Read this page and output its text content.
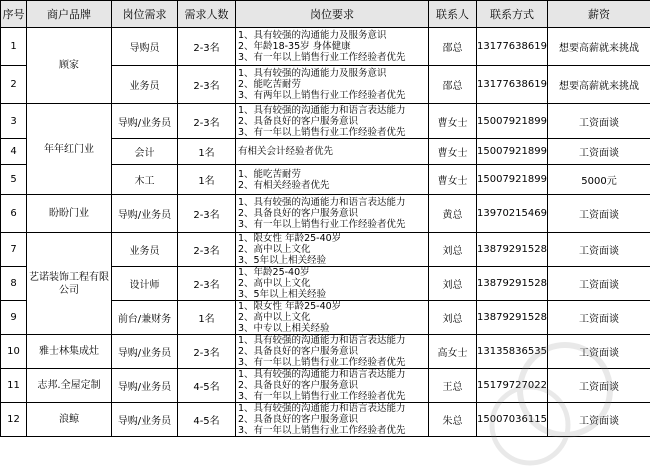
序号	商户品牌	岗位需求	需求人数	岗位要求	联系人	联系方式	薪资
1	顾家	导购员	2-3名	1、具有较强的沟通能力及服务意识
2、年龄18-35岁 身体健康
3、有一年以上销售行业工作经验者优先	邵总	13177638619	想要高薪就来挑战
2		业务员	2-3名	1、具有较强的沟通能力及服务意识
2、能吃苦耐劳
3、有两年以上销售行业工作经验者优先	邵总	13177638619	想要高薪就来挑战
3	年年红门业	导购/业务员	2-3名	1、具有较强的沟通能力和语言表达能力
2、具备良好的客户服务意识
3、有一年以上销售行业工作经验者优先	曹女士	15007921899	工资面谈
4		会计	1名	有相关会计经验者优先	曹女士	15007921899	工资面谈
5		木工	1名	1、能吃苦耐劳
2、有相关经验者优先	曹女士	15007921899	5000元
6	盼盼门业	导购/业务员	2-3名	1、具有较强的沟通能力和语言表达能力
2、具备良好的客户服务意识
3、有一年以上销售行业工作经验者优先	黄总	13970215469	工资面谈
7	艺诺装饰工程有限公司	业务员	2-3名	1、限女性 年龄25-40岁
2、高中以上文化
3、5年以上相关经验	刘总	13879291528	工资面谈
8		设计师	2-3名	1、年龄25-40岁
2、高中以上文化
3、5年以上相关经验	刘总	13879291528	工资面谈
9		前台/兼财务	1名	1、限女性 年龄25-40岁
2、高中以上文化
3、中专以上相关经验	刘总	13879291528	工资面谈
10	雅士林集成灶	导购/业务员	2-3名	1、具有较强的沟通能力和语言表达能力
2、具备良好的客户服务意识
3、有一年以上销售行业工作经验者优先	高女士	13135836535	工资面谈
11	志邦.全屋定制	导购/业务员	4-5名	1、具有较强的沟通能力和语言表达能力
2、具备良好的客户服务意识
3、有一年以上销售行业工作经验者优先	王总	15179727022	工资面谈
12	浪鲸	导购/业务员	4-5名	1、具有较强的沟通能力和语言表达能力
2、具备良好的客户服务意识
3、有一年以上销售行业工作经验者优先	朱总	15007036115	工资面谈
